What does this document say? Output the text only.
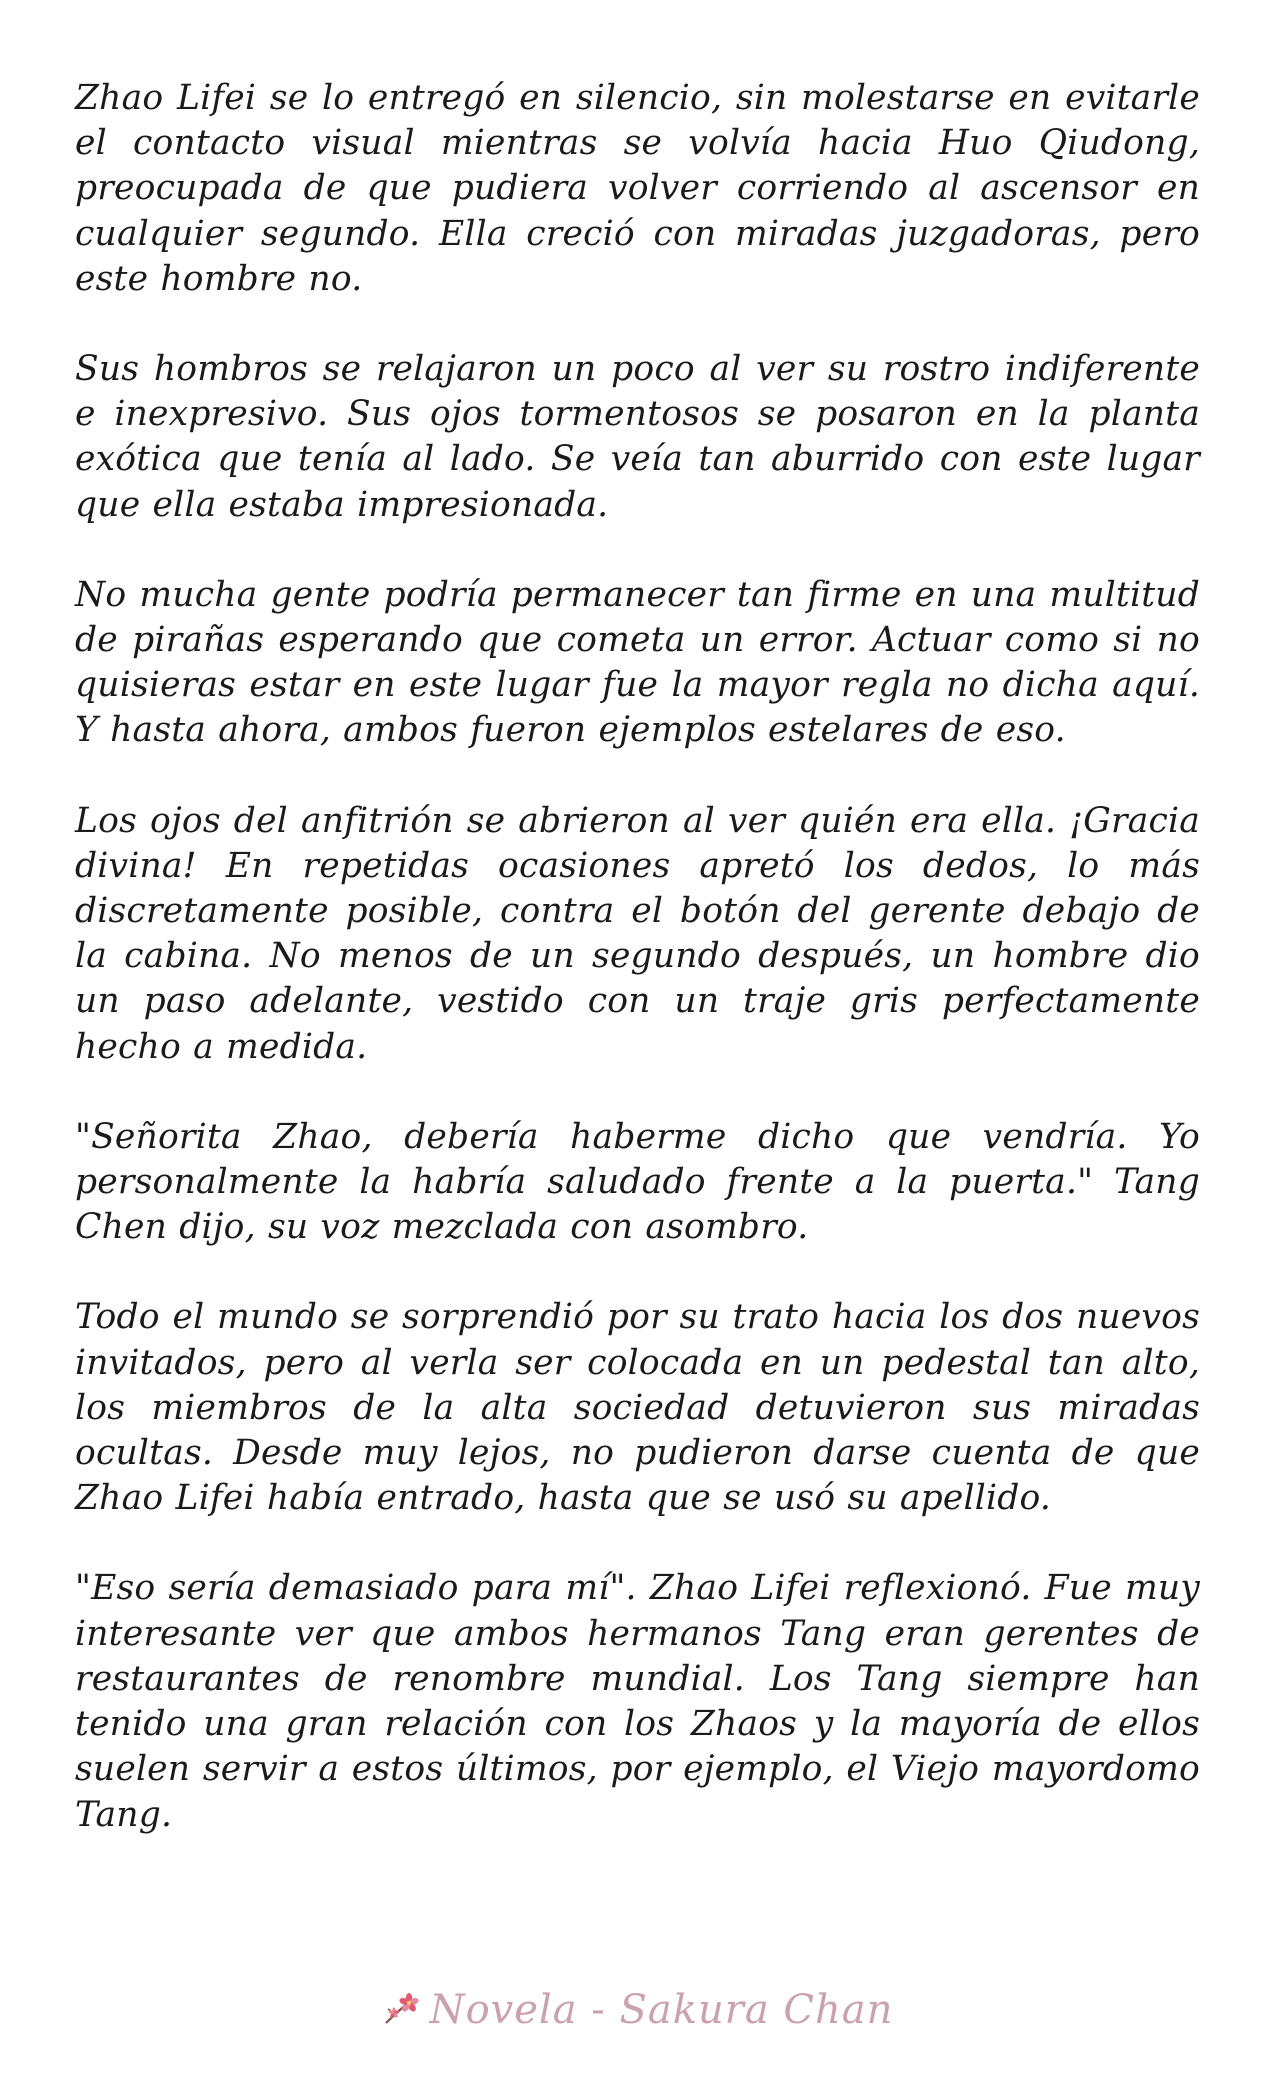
Zhao Lifei se lo entregó en silencio, sin molestarse en evitarle el contacto visual mientras se volvía hacia Huo Qiudong, preocupada de que pudiera volver corriendo al ascensor en cualquier segundo. Ella creció con miradas juzgadoras, pero este hombre no.

Sus hombros se relajaron un poco al ver su rostro indiferente e inexpresivo. Sus ojos tormentosos se posaron en la planta exótica que tenía al lado. Se veía tan aburrido con este lugar que ella estaba impresionada.

No mucha gente podría permanecer tan firme en una multitud de pirañas esperando que cometa un error. Actuar como si no quisieras estar en este lugar fue la mayor regla no dicha aquí. Y hasta ahora, ambos fueron ejemplos estelares de eso.

Los ojos del anfitrión se abrieron al ver quién era ella. ¡Gracia divina! En repetidas ocasiones apretó los dedos, lo más discretamente posible, contra el botón del gerente debajo de la cabina. No menos de un segundo después, un hombre dio un paso adelante, vestido con un traje gris perfectamente hecho a medida.

"Señorita Zhao, debería haberme dicho que vendría. Yo personalmente la habría saludado frente a la puerta." Tang Chen dijo, su voz mezclada con asombro.

Todo el mundo se sorprendió por su trato hacia los dos nuevos invitados, pero al verla ser colocada en un pedestal tan alto, los miembros de la alta sociedad detuvieron sus miradas ocultas. Desde muy lejos, no pudieron darse cuenta de que Zhao Lifei había entrado, hasta que se usó su apellido.

"Eso sería demasiado para mí". Zhao Lifei reflexionó. Fue muy interesante ver que ambos hermanos Tang eran gerentes de restaurantes de renombre mundial. Los Tang siempre han tenido una gran relación con los Zhaos y la mayoría de ellos suelen servir a estos últimos, por ejemplo, el Viejo mayordomo Tang.

Novela - Sakura Chan
